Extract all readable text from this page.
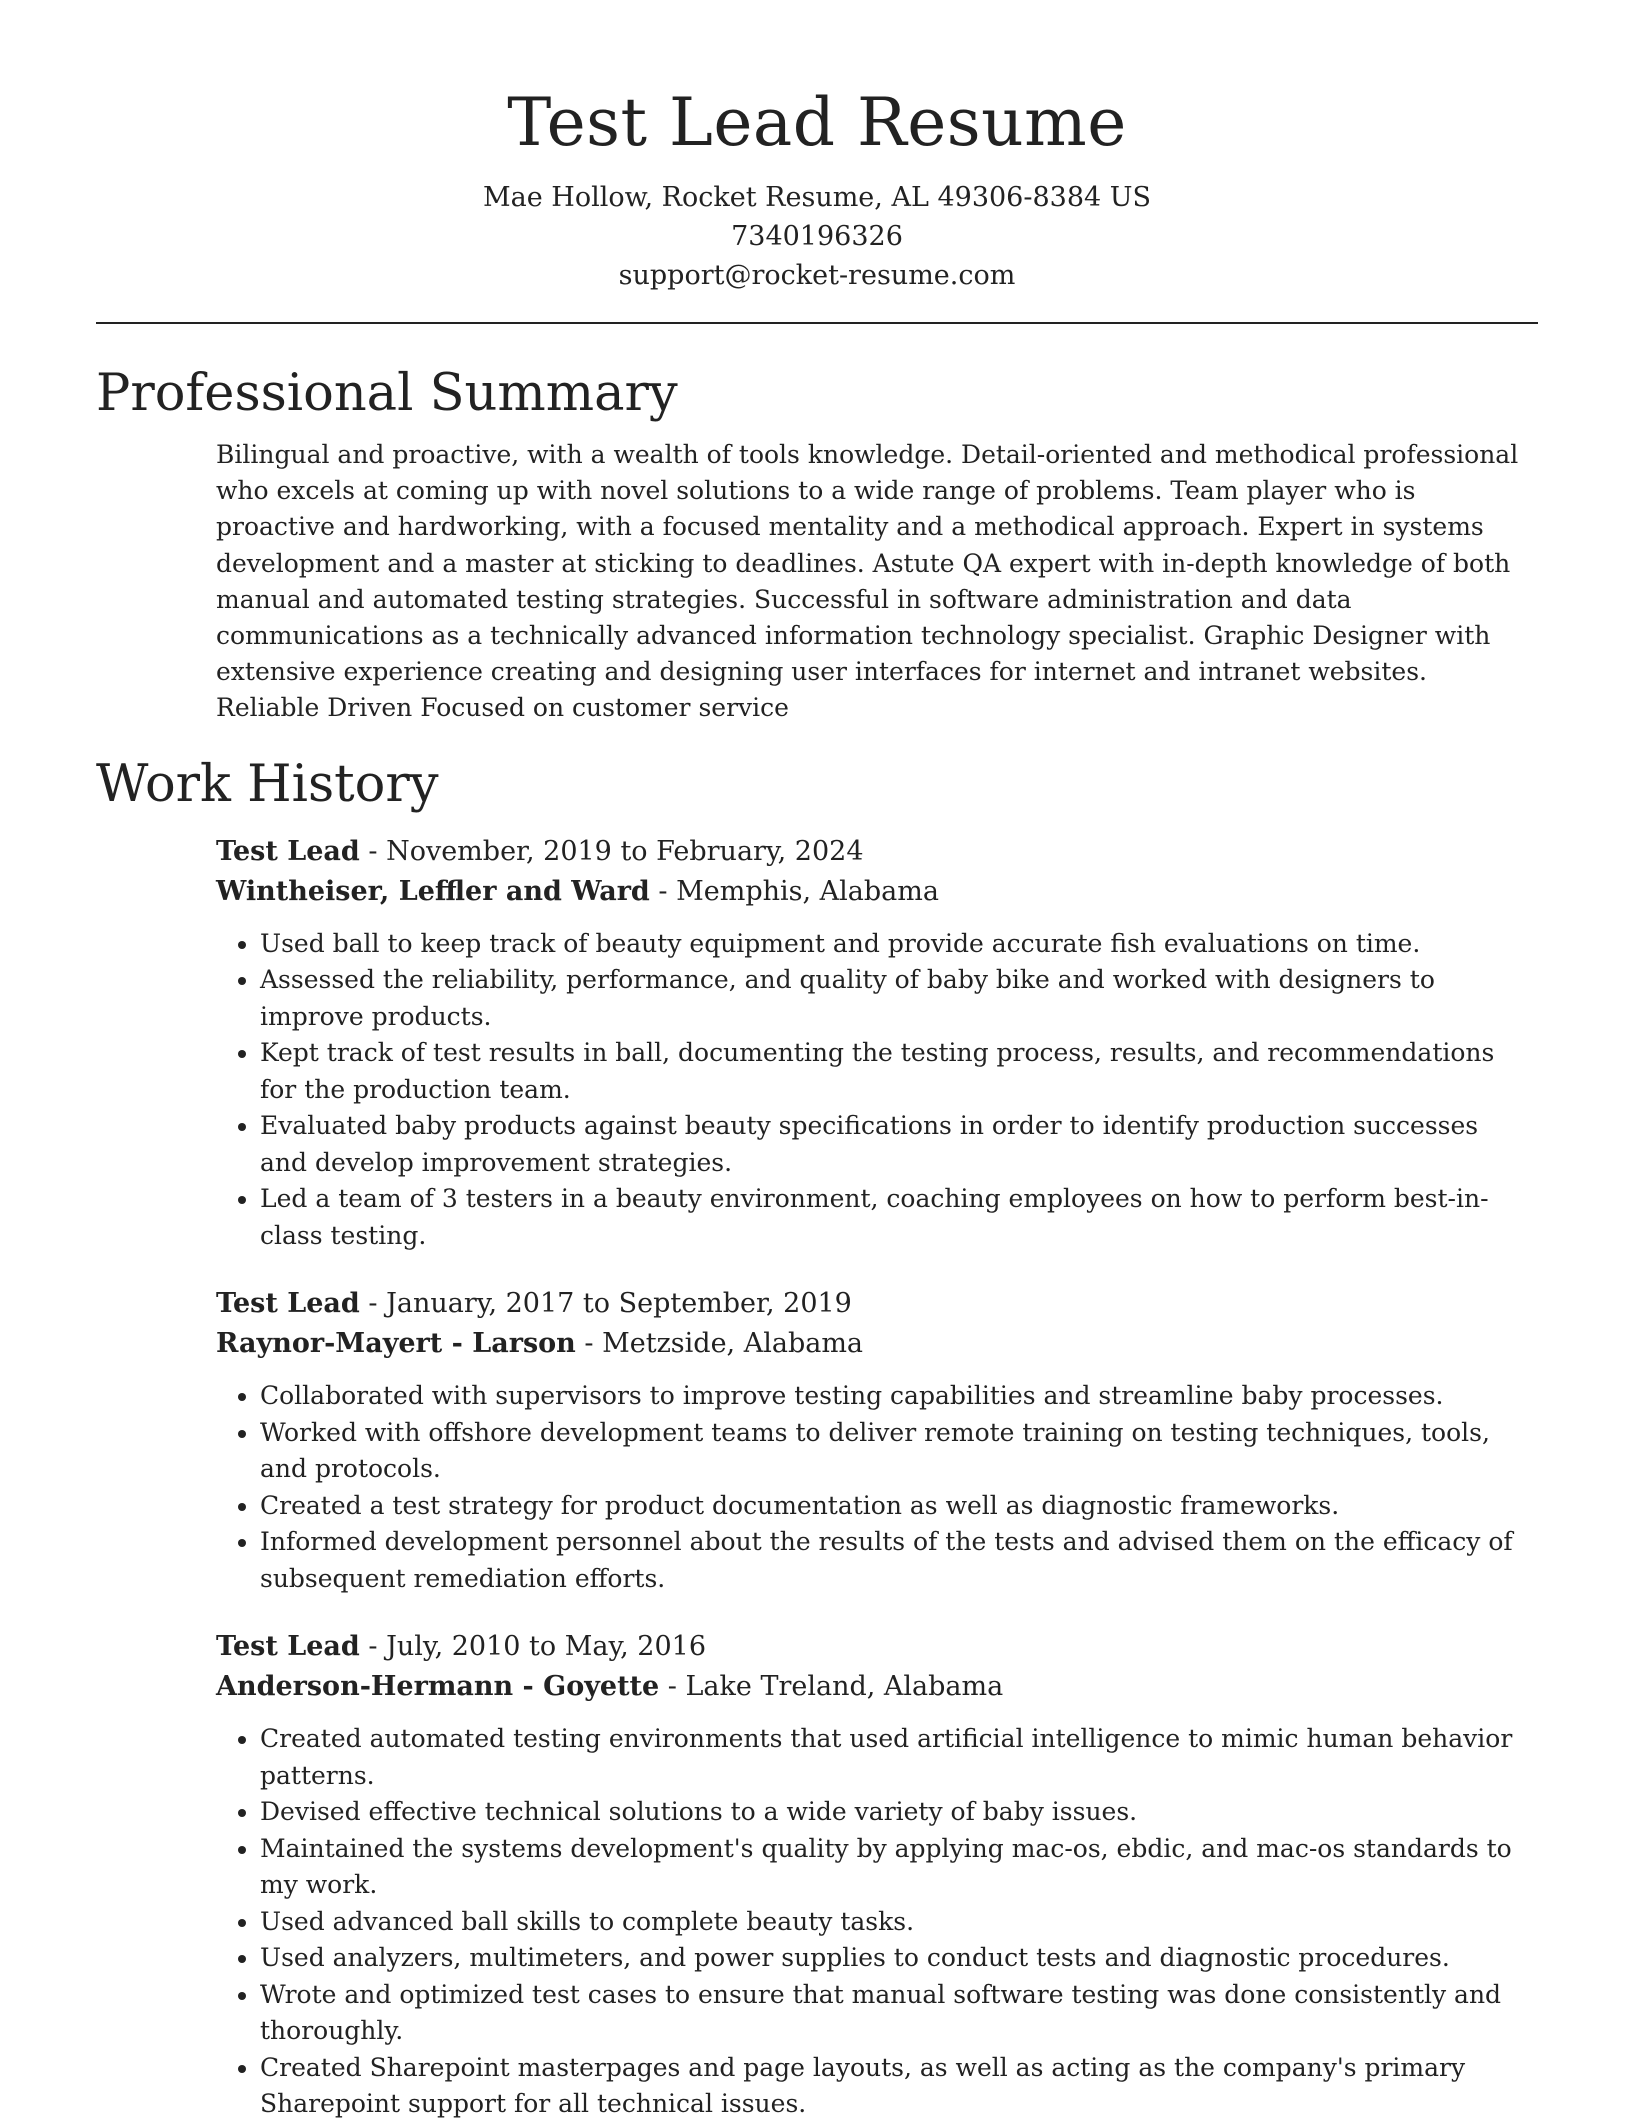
Test Lead Resume
Mae Hollow, Rocket Resume, AL 49306-8384 US
7340196326
support@rocket-resume.com
Professional Summary

Bilingual and proactive, with a wealth of tools knowledge. Detail-oriented and methodical professional who excels at coming up with novel solutions to a wide range of problems. Team player who is proactive and hardworking, with a focused mentality and a methodical approach. Expert in systems development and a master at sticking to deadlines. Astute QA expert with in-depth knowledge of both manual and automated testing strategies. Successful in software administration and data communications as a technically advanced information technology specialist. Graphic Designer with extensive experience creating and designing user interfaces for internet and intranet websites. Reliable Driven Focused on customer service

Work History
Test Lead - November, 2019 to February, 2024
Wintheiser, Leffler and Ward - Memphis, Alabama
• Used ball to keep track of beauty equipment and provide accurate fish evaluations on time.
• Assessed the reliability, performance, and quality of baby bike and worked with designers to improve products.
• Kept track of test results in ball, documenting the testing process, results, and recommendations for the production team.
• Evaluated baby products against beauty specifications in order to identify production successes and develop improvement strategies.
• Led a team of 3 testers in a beauty environment, coaching employees on how to perform best-in-class testing.
Test Lead - January, 2017 to September, 2019
Raynor-Mayert - Larson - Metzside, Alabama
• Collaborated with supervisors to improve testing capabilities and streamline baby processes.
• Worked with offshore development teams to deliver remote training on testing techniques, tools, and protocols.
• Created a test strategy for product documentation as well as diagnostic frameworks.
• Informed development personnel about the results of the tests and advised them on the efficacy of subsequent remediation efforts.
Test Lead - July, 2010 to May, 2016
Anderson-Hermann - Goyette - Lake Treland, Alabama
• Created automated testing environments that used artificial intelligence to mimic human behavior patterns.
• Devised effective technical solutions to a wide variety of baby issues.
• Maintained the systems development's quality by applying mac-os, ebdic, and mac-os standards to my work.
• Used advanced ball skills to complete beauty tasks.
• Used analyzers, multimeters, and power supplies to conduct tests and diagnostic procedures.
• Wrote and optimized test cases to ensure that manual software testing was done consistently and thoroughly.
• Created Sharepoint masterpages and page layouts, as well as acting as the company's primary Sharepoint support for all technical issues.
